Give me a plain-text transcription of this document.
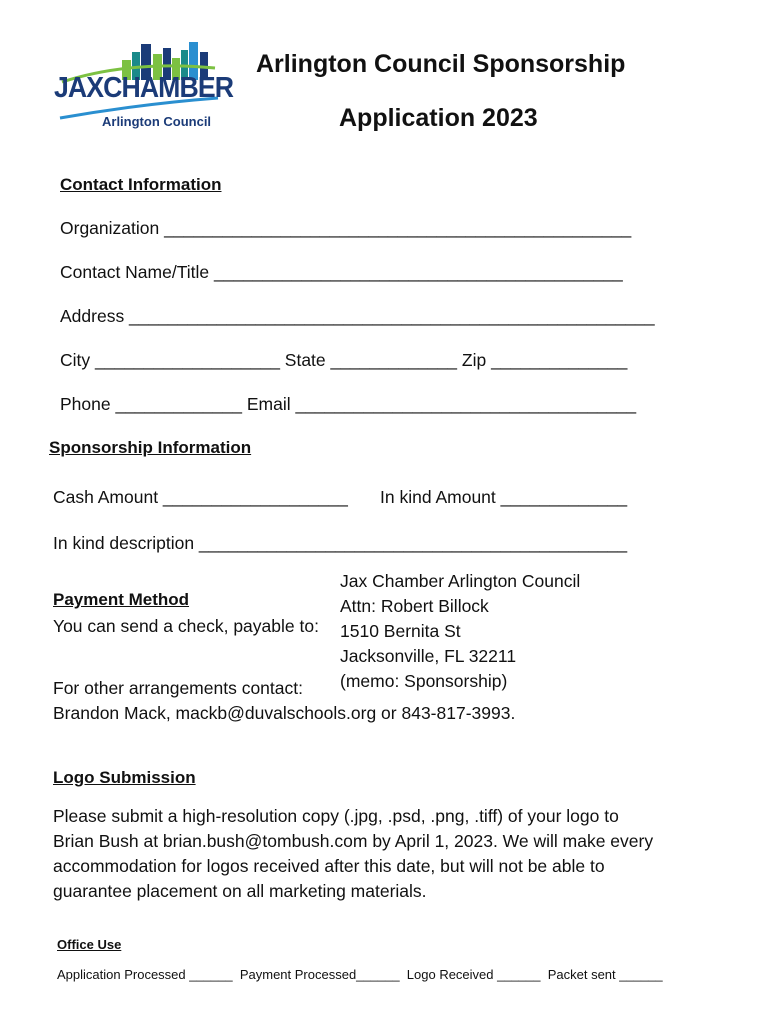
JAXCHAMBER
Arlington Council
Arlington Council Sponsorship
Application 2023
Contact Information
Organization ________________________________________________
Contact Name/Title __________________________________________
Address ______________________________________________________
City ___________________ State _____________ Zip ______________
Phone _____________ Email ___________________________________
Sponsorship Information
Cash Amount ___________________ In kind Amount _____________
In kind description ____________________________________________
Jax Chamber Arlington Council
Payment Method	Attn: Robert Billock
You can send a check, payable to: 1510 Bernita St
Jacksonville, FL 32211
(memo: Sponsorship)
For other arrangements contact:
Brandon Mack, mackb@duvalschools.org or 843-817-3993.
Logo Submission
Please submit a high-resolution copy (.jpg, .psd, .png, .tiff) of your logo to
Brian Bush at brian.bush@tombush.com by April 1, 2023. We will make every
accommodation for logos received after this date, but will not be able to
guarantee placement on all marketing materials.
Office Use
Application Processed ______  Payment Processed______  Logo Received ______  Packet sent ______
